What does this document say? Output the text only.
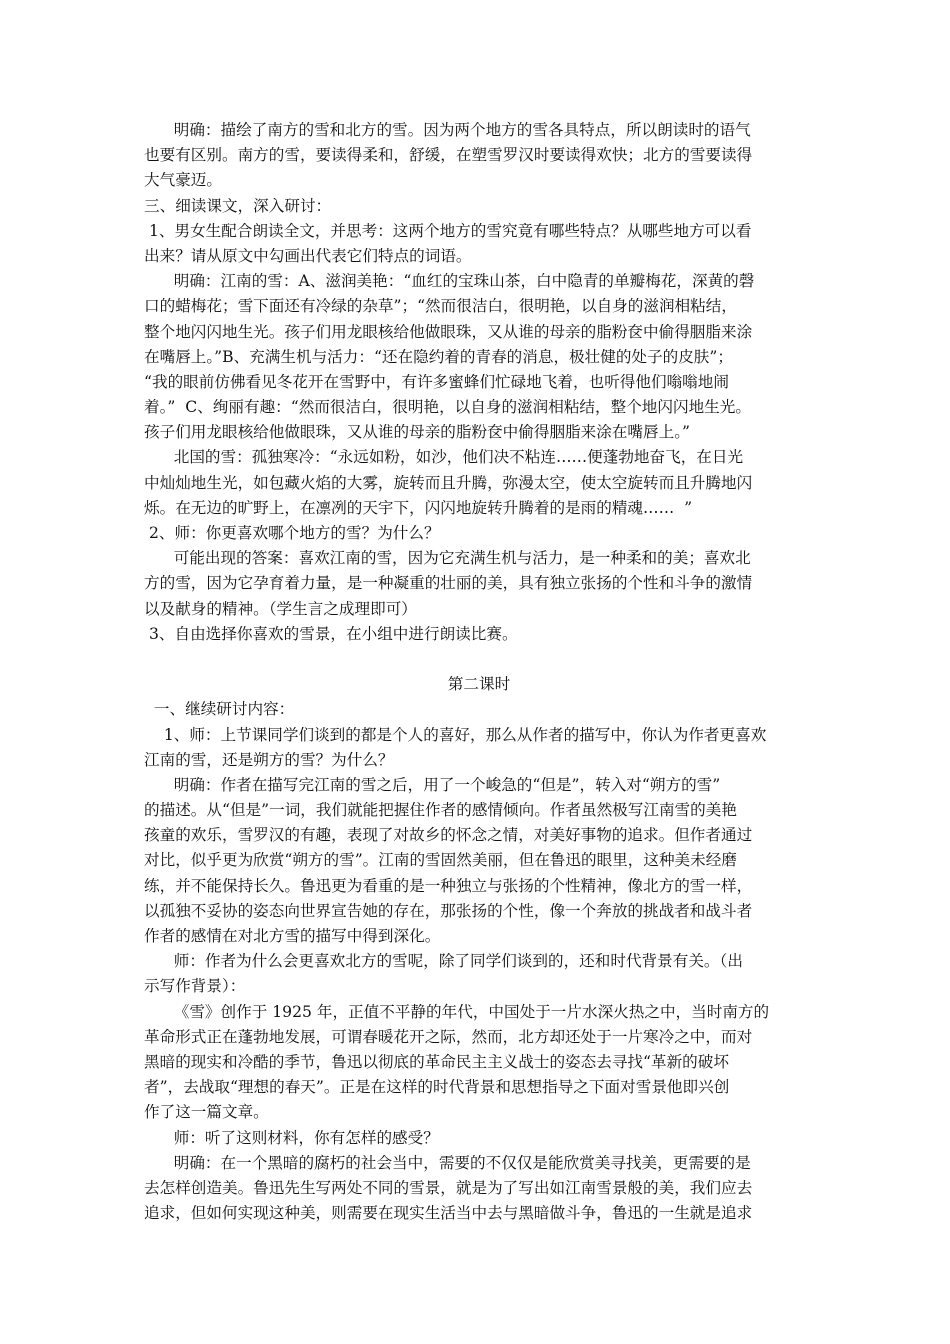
明确：描绘了南方的雪和北方的雪。因为两个地方的雪各具特点，所以朗读时的语气
也要有区别。南方的雪，要读得柔和，舒缓，在塑雪罗汉时要读得欢快；北方的雪要读得
大气豪迈。
三、细读课文，深入研讨：
1、男女生配合朗读全文，并思考：这两个地方的雪究竟有哪些特点？从哪些地方可以看
出来？请从原文中勾画出代表它们特点的词语。
明确：江南的雪：A、滋润美艳：“血红的宝珠山茶，白中隐青的单瓣梅花，深黄的磬
口的蜡梅花；雪下面还有冷绿的杂草”；“然而很洁白，很明艳，以自身的滋润相粘结，
整个地闪闪地生光。孩子们用龙眼核给他做眼珠，又从谁的母亲的脂粉奁中偷得胭脂来涂
在嘴唇上。”B、充满生机与活力：“还在隐约着的青春的消息，极壮健的处子的皮肤”；
“我的眼前仿佛看见冬花开在雪野中，有许多蜜蜂们忙碌地飞着，也听得他们嗡嗡地闹
着。”  C、绚丽有趣：“然而很洁白，很明艳，以自身的滋润相粘结，整个地闪闪地生光。
孩子们用龙眼核给他做眼珠，又从谁的母亲的脂粉奁中偷得胭脂来涂在嘴唇上。”
北国的雪：孤独寒冷：“永远如粉，如沙，他们决不粘连……便蓬勃地奋飞，在日光
中灿灿地生光，如包藏火焰的大雾，旋转而且升腾，弥漫太空，使太空旋转而且升腾地闪
烁。在无边的旷野上，在凛冽的天宇下，闪闪地旋转升腾着的是雨的精魂……  ”
2、师：你更喜欢哪个地方的雪？为什么？
可能出现的答案：喜欢江南的雪，因为它充满生机与活力，是一种柔和的美；喜欢北
方的雪，因为它孕育着力量，是一种凝重的壮丽的美，具有独立张扬的个性和斗争的激情
以及献身的精神。（学生言之成理即可）
3、自由选择你喜欢的雪景，在小组中进行朗读比赛。
第二课时
一、继续研讨内容：
1、师：上节课同学们谈到的都是个人的喜好，那么从作者的描写中，你认为作者更喜欢
江南的雪，还是朔方的雪？为什么？
明确：作者在描写完江南的雪之后，用了一个峻急的“但是”，转入对“朔方的雪”
的描述。从“但是”一词，我们就能把握住作者的感情倾向。作者虽然极写江南雪的美艳
孩童的欢乐，雪罗汉的有趣，表现了对故乡的怀念之情，对美好事物的追求。但作者通过
对比，似乎更为欣赏“朔方的雪”。江南的雪固然美丽，但在鲁迅的眼里，这种美未经磨
练，并不能保持长久。鲁迅更为看重的是一种独立与张扬的个性精神，像北方的雪一样，
以孤独不妥协的姿态向世界宣告她的存在，那张扬的个性，像一个奔放的挑战者和战斗者
作者的感情在对北方雪的描写中得到深化。
师：作者为什么会更喜欢北方的雪呢，除了同学们谈到的，还和时代背景有关。（出
示写作背景）：
《雪》创作于 1925 年，正值不平静的年代，中国处于一片水深火热之中，当时南方的
革命形式正在蓬勃地发展，可谓春暖花开之际，然而，北方却还处于一片寒冷之中，而对
黑暗的现实和冷酷的季节，鲁迅以彻底的革命民主主义战士的姿态去寻找“革新的破坏
者”，去战取“理想的春天”。正是在这样的时代背景和思想指导之下面对雪景他即兴创
作了这一篇文章。
师：听了这则材料，你有怎样的感受？
明确：在一个黑暗的腐朽的社会当中，需要的不仅仅是能欣赏美寻找美，更需要的是
去怎样创造美。鲁迅先生写两处不同的雪景，就是为了写出如江南雪景般的美，我们应去
追求，但如何实现这种美，则需要在现实生活当中去与黑暗做斗争，鲁迅的一生就是追求
